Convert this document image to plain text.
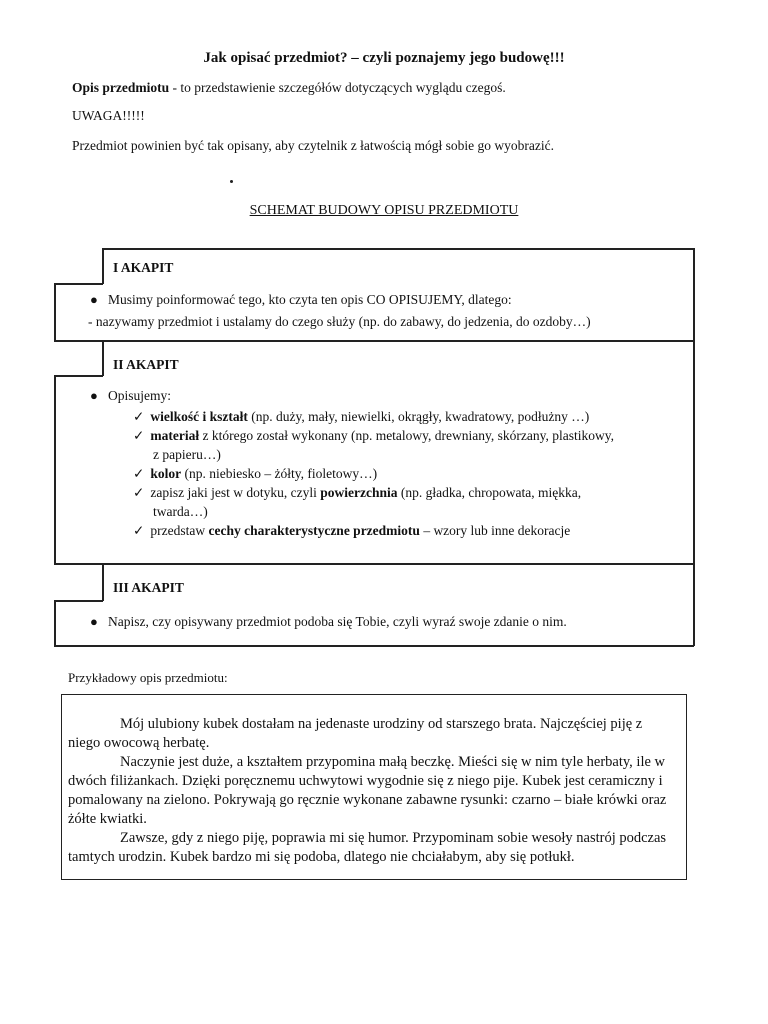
Jak opisać przedmiot? – czyli poznajemy jego budowę!!!
Opis przedmiotu - to przedstawienie szczegółów dotyczących wyglądu czegoś.
UWAGA!!!!!
Przedmiot powinien być tak opisany, aby czytelnik z łatwością mógł sobie go wyobrazić.
SCHEMAT BUDOWY OPISU PRZEDMIOTU
I AKAPIT
● Musimy poinformować tego, kto czyta ten opis CO OPISUJEMY, dlatego:
- nazywamy przedmiot i ustalamy do czego służy (np. do zabawy, do jedzenia, do ozdoby…)
II AKAPIT
● Opisujemy:
✓ wielkość i kształt (np. duży, mały, niewielki, okrągły, kwadratowy, podłużny …)
✓ materiał z którego został wykonany (np. metalowy, drewniany, skórzany, plastikowy,
z papieru…)
✓ kolor (np. niebiesko – żółty, fioletowy…)
✓ zapisz jaki jest w dotyku, czyli powierzchnia (np. gładka, chropowata, miękka,
twarda…)
✓ przedstaw cechy charakterystyczne przedmiotu – wzory lub inne dekoracje
III AKAPIT
● Napisz, czy opisywany przedmiot podoba się Tobie, czyli wyraź swoje zdanie o nim.
Przykładowy opis przedmiotu:

Mój ulubiony kubek dostałam na jedenaste urodziny od starszego brata. Najczęściej piję z niego owocową herbatę.

Naczynie jest duże, a kształtem przypomina małą beczkę. Mieści się w nim tyle herbaty, ile w dwóch filiżankach. Dzięki poręcznemu uchwytowi wygodnie się z niego pije. Kubek jest ceramiczny i pomalowany na zielono. Pokrywają go ręcznie wykonane zabawne rysunki: czarno – białe krówki oraz żółte kwiatki.

Zawsze, gdy z niego piję, poprawia mi się humor. Przypominam sobie wesoły nastrój podczas tamtych urodzin. Kubek bardzo mi się podoba, dlatego nie chciałabym, aby się potłukł.
